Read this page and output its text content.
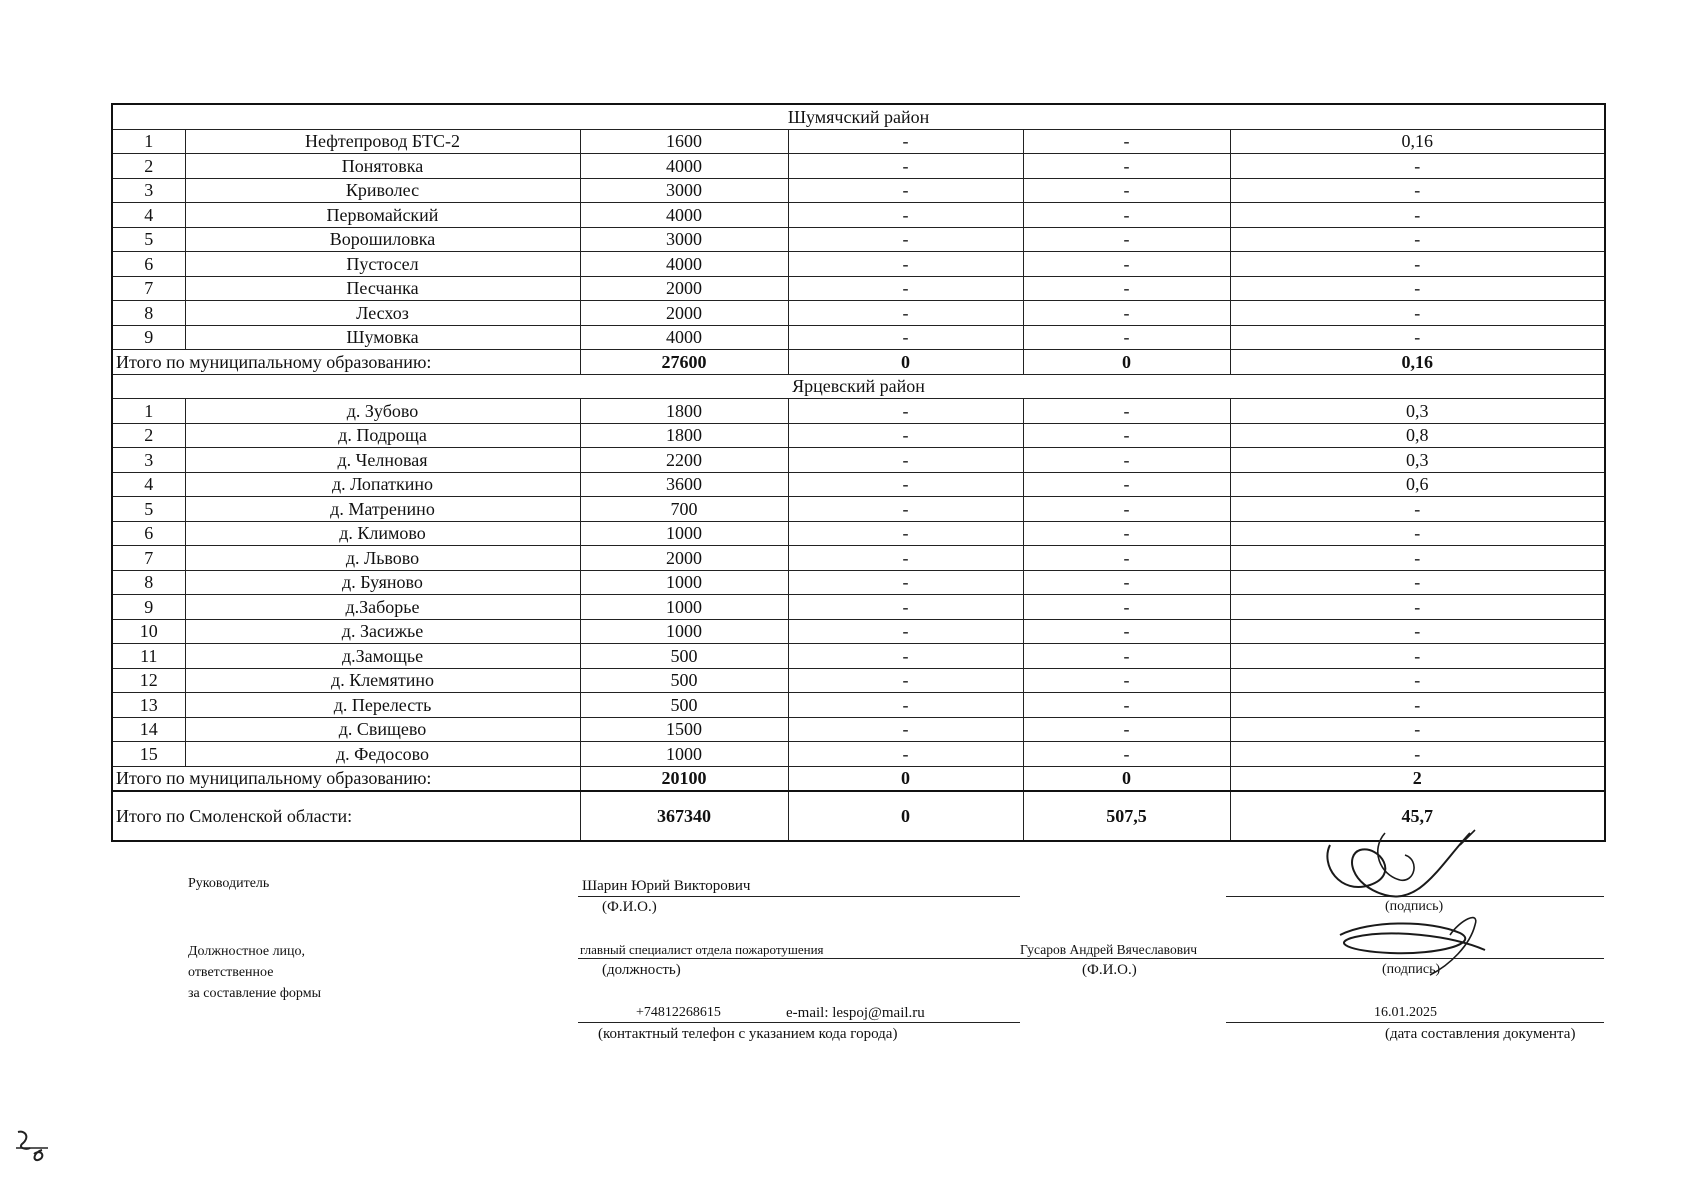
Шумячский район					
1	Нефтепровод БТС-2	1600	-	-	0,16
2	Понятовка	4000	-	-	-
3	Криволес	3000	-	-	-
4	Первомайский	4000	-	-	-
5	Ворошиловка	3000	-	-	-
6	Пустосел	4000	-	-	-
7	Песчанка	2000	-	-	-
8	Лесхоз	2000	-	-	-
9	Шумовка	4000	-	-	-
Итого по муниципальному образованию:		27600	0	0	0,16
Ярцевский район					
1	д. Зубово	1800	-	-	0,3
2	д. Подроща	1800	-	-	0,8
3	д. Челновая	2200	-	-	0,3
4	д. Лопаткино	3600	-	-	0,6
5	д. Матренино	700	-	-	-
6	д. Климово	1000	-	-	-
7	д. Львово	2000	-	-	-
8	д. Буяново	1000	-	-	-
9	д.Заборье	1000	-	-	-
10	д. Засижье	1000	-	-	-
11	д.Замощье	500	-	-	-
12	д. Клемятино	500	-	-	-
13	д. Перелесть	500	-	-	-
14	д. Свищево	1500	-	-	-
15	д. Федосово	1000	-	-	-
Итого по муниципальному образованию:		20100	0	0	2
Итого по Смоленской области:		367340	0	507,5	45,7
Руководитель	Шарин Юрий Викторович
(Ф.И.О.)	(подпись)
Должностное лицо,
ответственное
за составление формы
главный специалист отдела пожаротушения	Гусаров Андрей Вячеславович
(должность)	(Ф.И.О.)	(подпись)
+74812268615	e-mail: lespoj@mail.ru
(контактный телефон с указанием кода города)
16.01.2025
(дата составления документа)
